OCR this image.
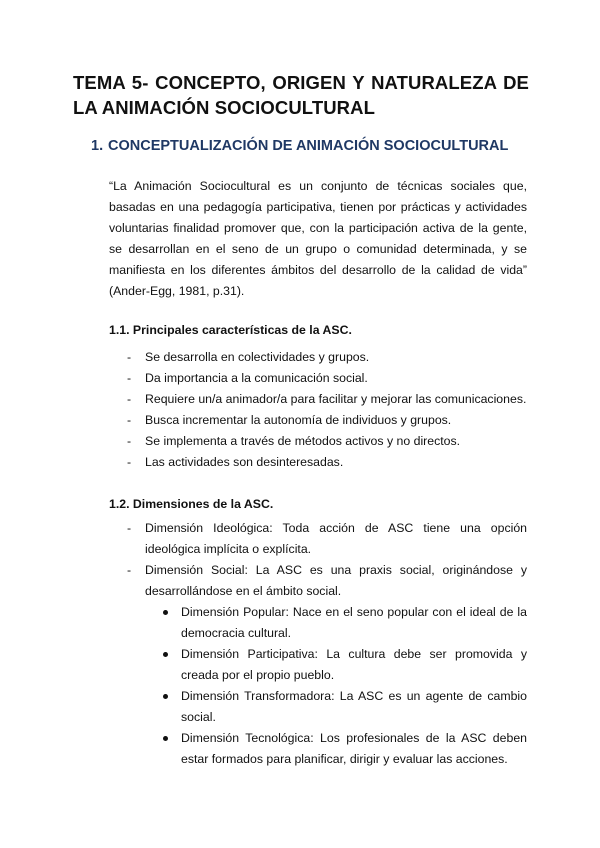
TEMA 5- CONCEPTO, ORIGEN Y NATURALEZA DE LA ANIMACIÓN SOCIOCULTURAL
1. CONCEPTUALIZACIÓN DE ANIMACIÓN SOCIOCULTURAL
“La Animación Sociocultural es un conjunto de técnicas sociales que, basadas en una pedagogía participativa, tienen por prácticas y actividades voluntarias finalidad promover que, con la participación activa de la gente, se desarrollan en el seno de un grupo o comunidad determinada, y se manifiesta en los diferentes ámbitos del desarrollo de la calidad de vida” (Ander-Egg, 1981, p.31).
1.1. Principales características de la ASC.
- Se desarrolla en colectividades y grupos.
- Da importancia a la comunicación social.
- Requiere un/a animador/a para facilitar y mejorar las comunicaciones.
- Busca incrementar la autonomía de individuos y grupos.
- Se implementa a través de métodos activos y no directos.
- Las actividades son desinteresadas.
1.2. Dimensiones de la ASC.
- Dimensión Ideológica: Toda acción de ASC tiene una opción ideológica implícita o explícita.
- Dimensión Social: La ASC es una praxis social, originándose y desarrollándose en el ámbito social.
Dimensión Popular: Nace en el seno popular con el ideal de la democracia cultural.
Dimensión Participativa: La cultura debe ser promovida y creada por el propio pueblo.
Dimensión Transformadora: La ASC es un agente de cambio social.
Dimensión Tecnológica: Los profesionales de la ASC deben estar formados para planificar, dirigir y evaluar las acciones.
